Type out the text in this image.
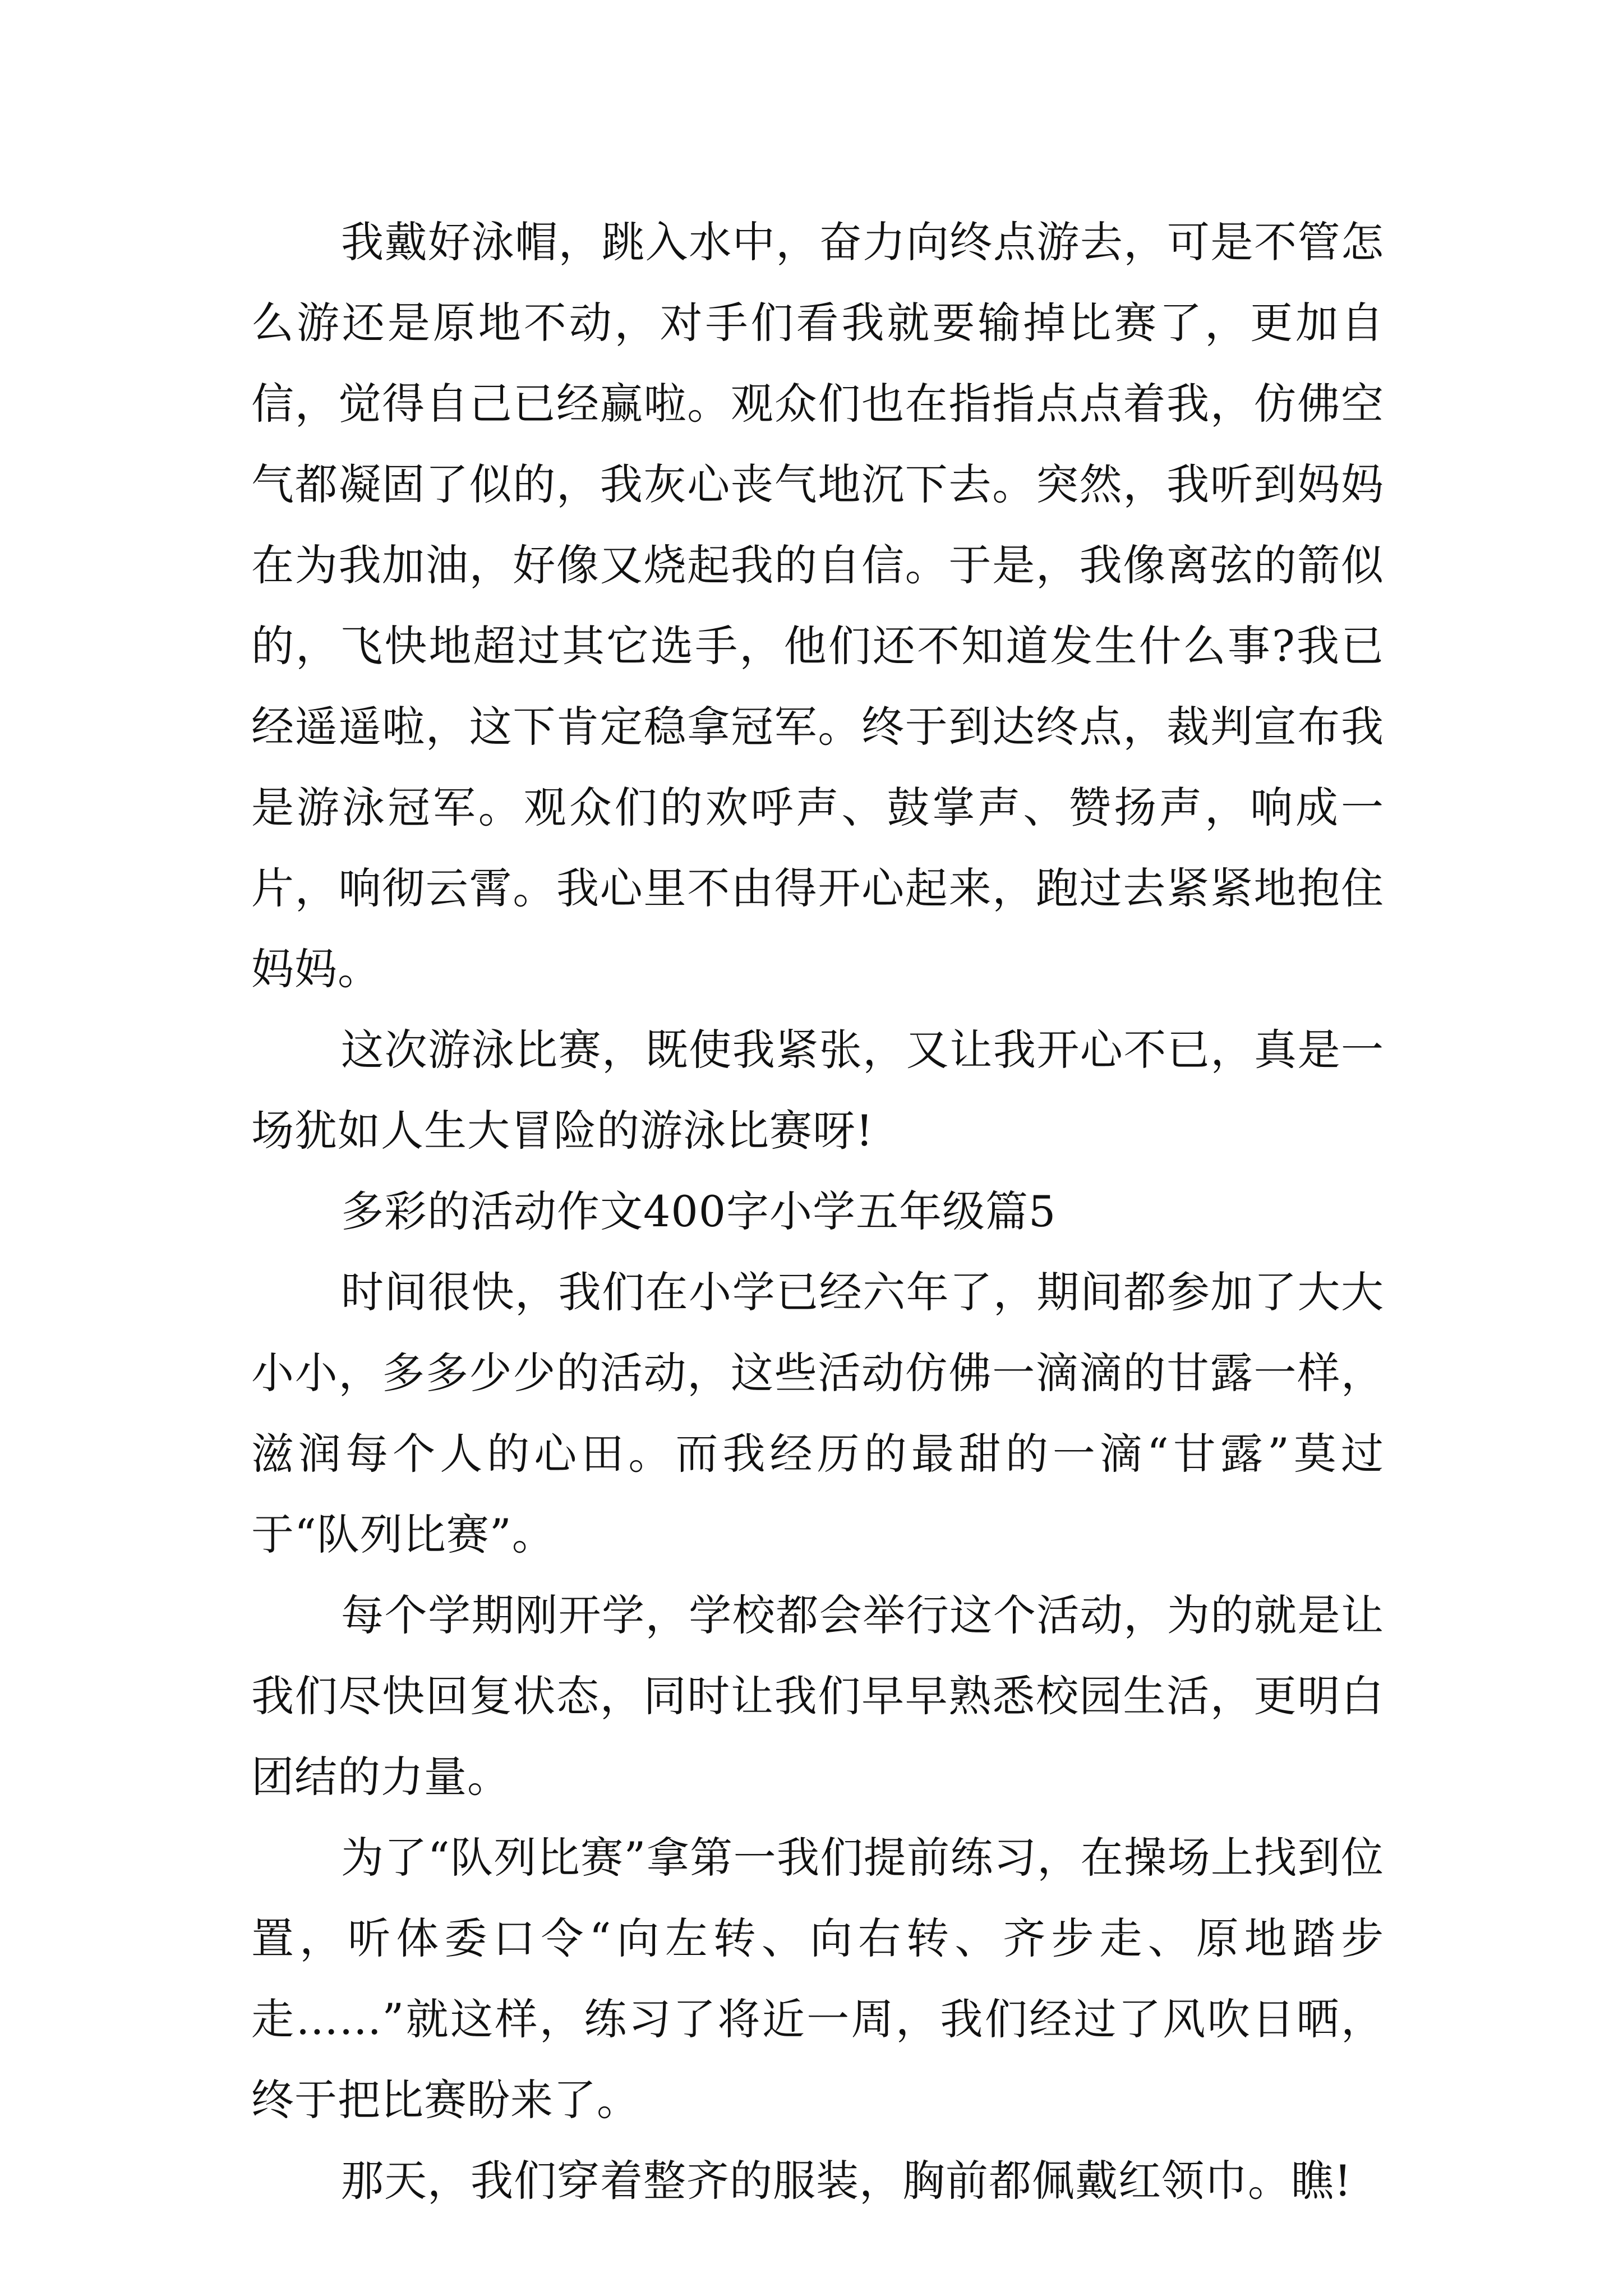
我戴好泳帽，跳入水中，奋力向终点游去，可是不管怎么游还是原地不动，对手们看我就要输掉比赛了，更加自信，觉得自己已经赢啦。观众们也在指指点点着我，仿佛空气都凝固了似的，我灰心丧气地沉下去。突然，我听到妈妈在为我加油，好像又烧起我的自信。于是，我像离弦的箭似的，飞快地超过其它选手，他们还不知道发生什么事?我已经遥遥啦，这下肯定稳拿冠军。终于到达终点，裁判宣布我是游泳冠军。观众们的欢呼声、鼓掌声、赞扬声，响成一片，响彻云霄。我心里不由得开心起来，跑过去紧紧地抱住妈妈。

这次游泳比赛，既使我紧张，又让我开心不已，真是一场犹如人生大冒险的游泳比赛呀!

多彩的活动作文400字小学五年级篇5

时间很快，我们在小学已经六年了，期间都参加了大大小小，多多少少的活动，这些活动仿佛一滴滴的甘露一样，滋润每个人的心田。而我经历的最甜的一滴“甘露”莫过于“队列比赛”。

每个学期刚开学，学校都会举行这个活动，为的就是让我们尽快回复状态，同时让我们早早熟悉校园生活，更明白团结的力量。

为了“队列比赛”拿第一我们提前练习，在操场上找到位置，听体委口令“向左转、向右转、齐步走、原地踏步走……”就这样，练习了将近一周，我们经过了风吹日晒，终于把比赛盼来了。

那天，我们穿着整齐的服装，胸前都佩戴红领巾。瞧!
